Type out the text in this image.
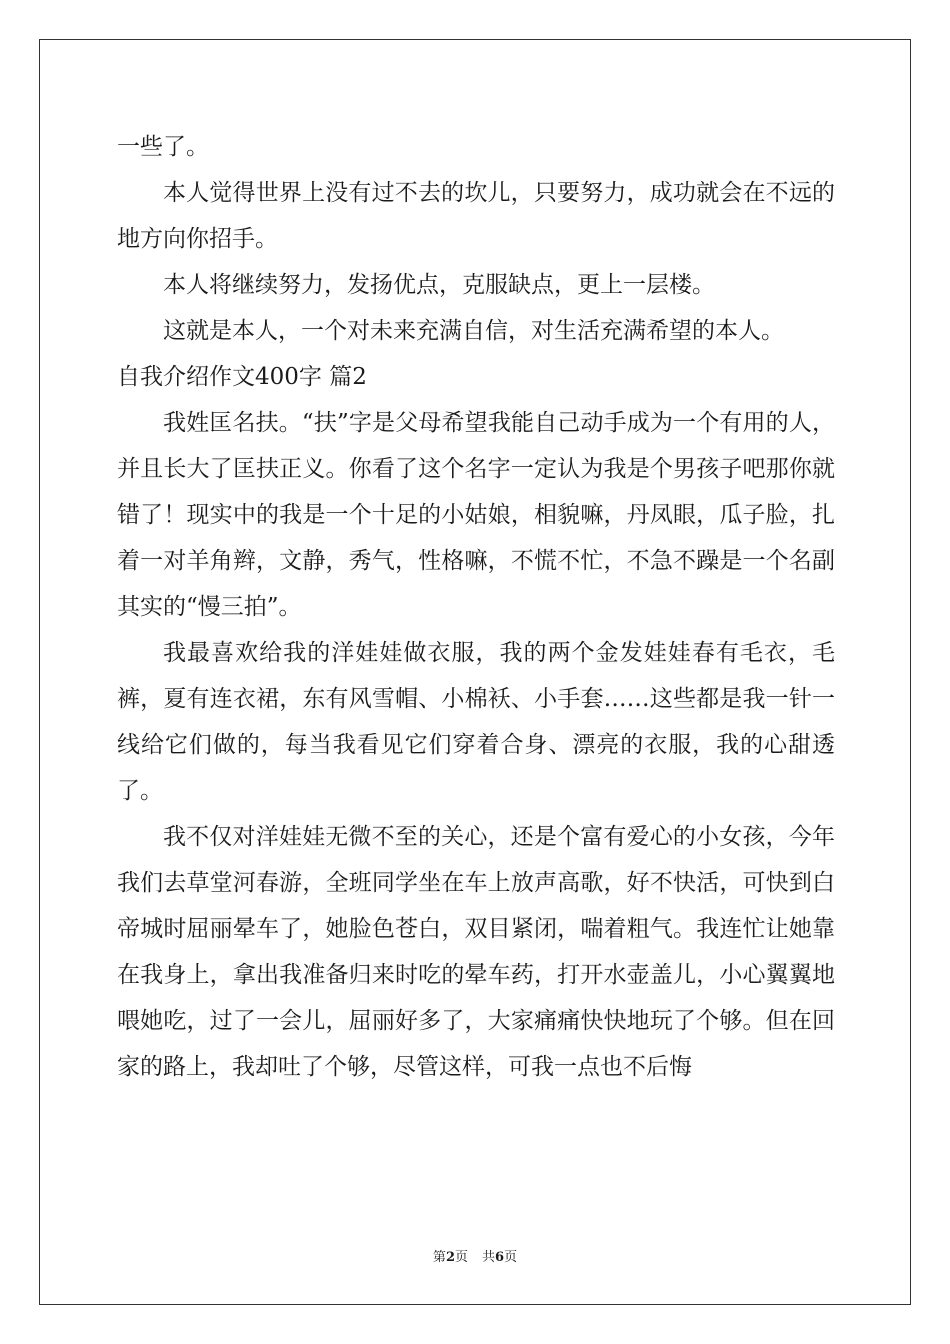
一些了。

本人觉得世界上没有过不去的坎儿，只要努力，成功就会在不远的地方向你招手。

本人将继续努力，发扬优点，克服缺点，更上一层楼。

这就是本人，一个对未来充满自信，对生活充满希望的本人。

自我介绍作文400字 篇2

我姓匡名扶。“扶”字是父母希望我能自己动手成为一个有用的人，并且长大了匡扶正义。你看了这个名字一定认为我是个男孩子吧那你就错了！现实中的我是一个十足的小姑娘，相貌嘛，丹凤眼，瓜子脸，扎着一对羊角辫，文静，秀气，性格嘛，不慌不忙，不急不躁是一个名副其实的“慢三拍”。

我最喜欢给我的洋娃娃做衣服，我的两个金发娃娃春有毛衣，毛裤，夏有连衣裙，东有风雪帽、小棉袄、小手套……这些都是我一针一线给它们做的，每当我看见它们穿着合身、漂亮的衣服，我的心甜透了。

我不仅对洋娃娃无微不至的关心，还是个富有爱心的小女孩，今年我们去草堂河春游，全班同学坐在车上放声高歌，好不快活，可快到白帝城时屈丽晕车了，她脸色苍白，双目紧闭，喘着粗气。我连忙让她靠在我身上，拿出我准备归来时吃的晕车药，打开水壶盖儿，小心翼翼地喂她吃，过了一会儿，屈丽好多了，大家痛痛快快地玩了个够。但在回家的路上，我却吐了个够，尽管这样，可我一点也不后悔

第2页 共6页
